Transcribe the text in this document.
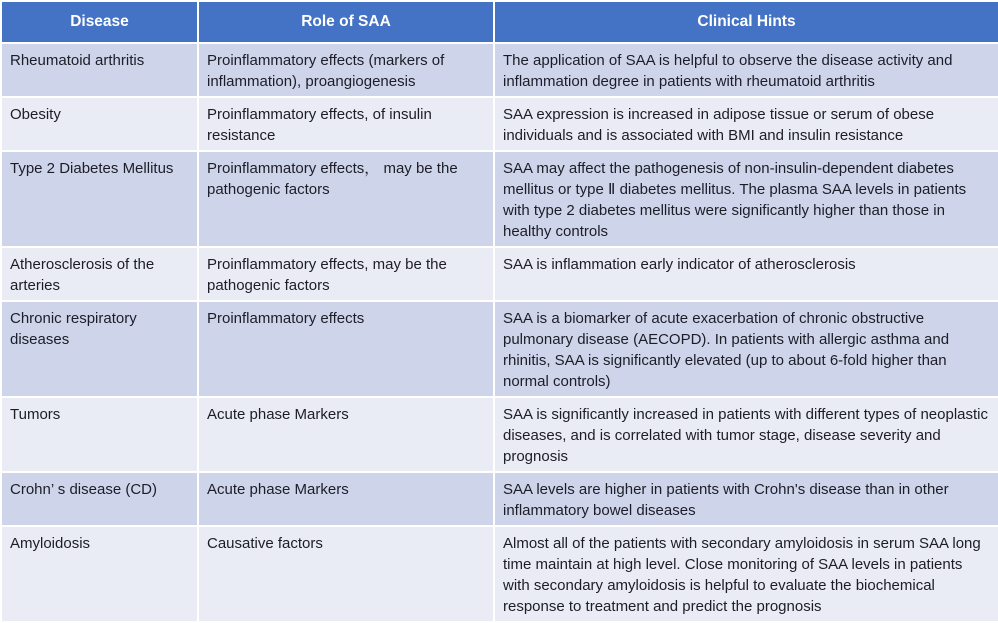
Disease	Role of SAA	Clinical Hints
Rheumatoid arthritis	Proinflammatory effects (markers of inflammation), proangiogenesis	The application of SAA is helpful to observe the disease activity and inflammation degree in patients with rheumatoid arthritis
Obesity	Proinflammatory effects, of insulin resistance	SAA expression is increased in adipose tissue or serum of obese individuals and is associated with BMI and insulin resistance
Type 2 Diabetes Mellitus	Proinflammatory effects， may be the pathogenic factors	SAA may affect the pathogenesis of non-insulin-dependent diabetes mellitus or type Ⅱ diabetes mellitus. The plasma SAA levels in patients with type 2 diabetes mellitus were significantly higher than those in healthy controls
Atherosclerosis of the arteries	Proinflammatory effects, may be the pathogenic factors	SAA is inflammation early indicator of atherosclerosis
Chronic respiratory diseases	Proinflammatory effects	SAA is a biomarker of acute exacerbation of chronic obstructive pulmonary disease (AECOPD). In patients with allergic asthma and rhinitis, SAA is significantly elevated (up to about 6-fold higher than normal controls)
Tumors	Acute phase Markers	SAA is significantly increased in patients with different types of neoplastic diseases, and is correlated with tumor stage, disease severity and prognosis
Crohn’ s disease (CD)	Acute phase Markers	SAA levels are higher in patients with Crohn's disease than in other inflammatory bowel diseases
Amyloidosis	Causative factors	Almost all of the patients with secondary amyloidosis in serum SAA long time maintain at high level. Close monitoring of SAA levels in patients with secondary amyloidosis is helpful to evaluate the biochemical response to treatment and predict the prognosis
